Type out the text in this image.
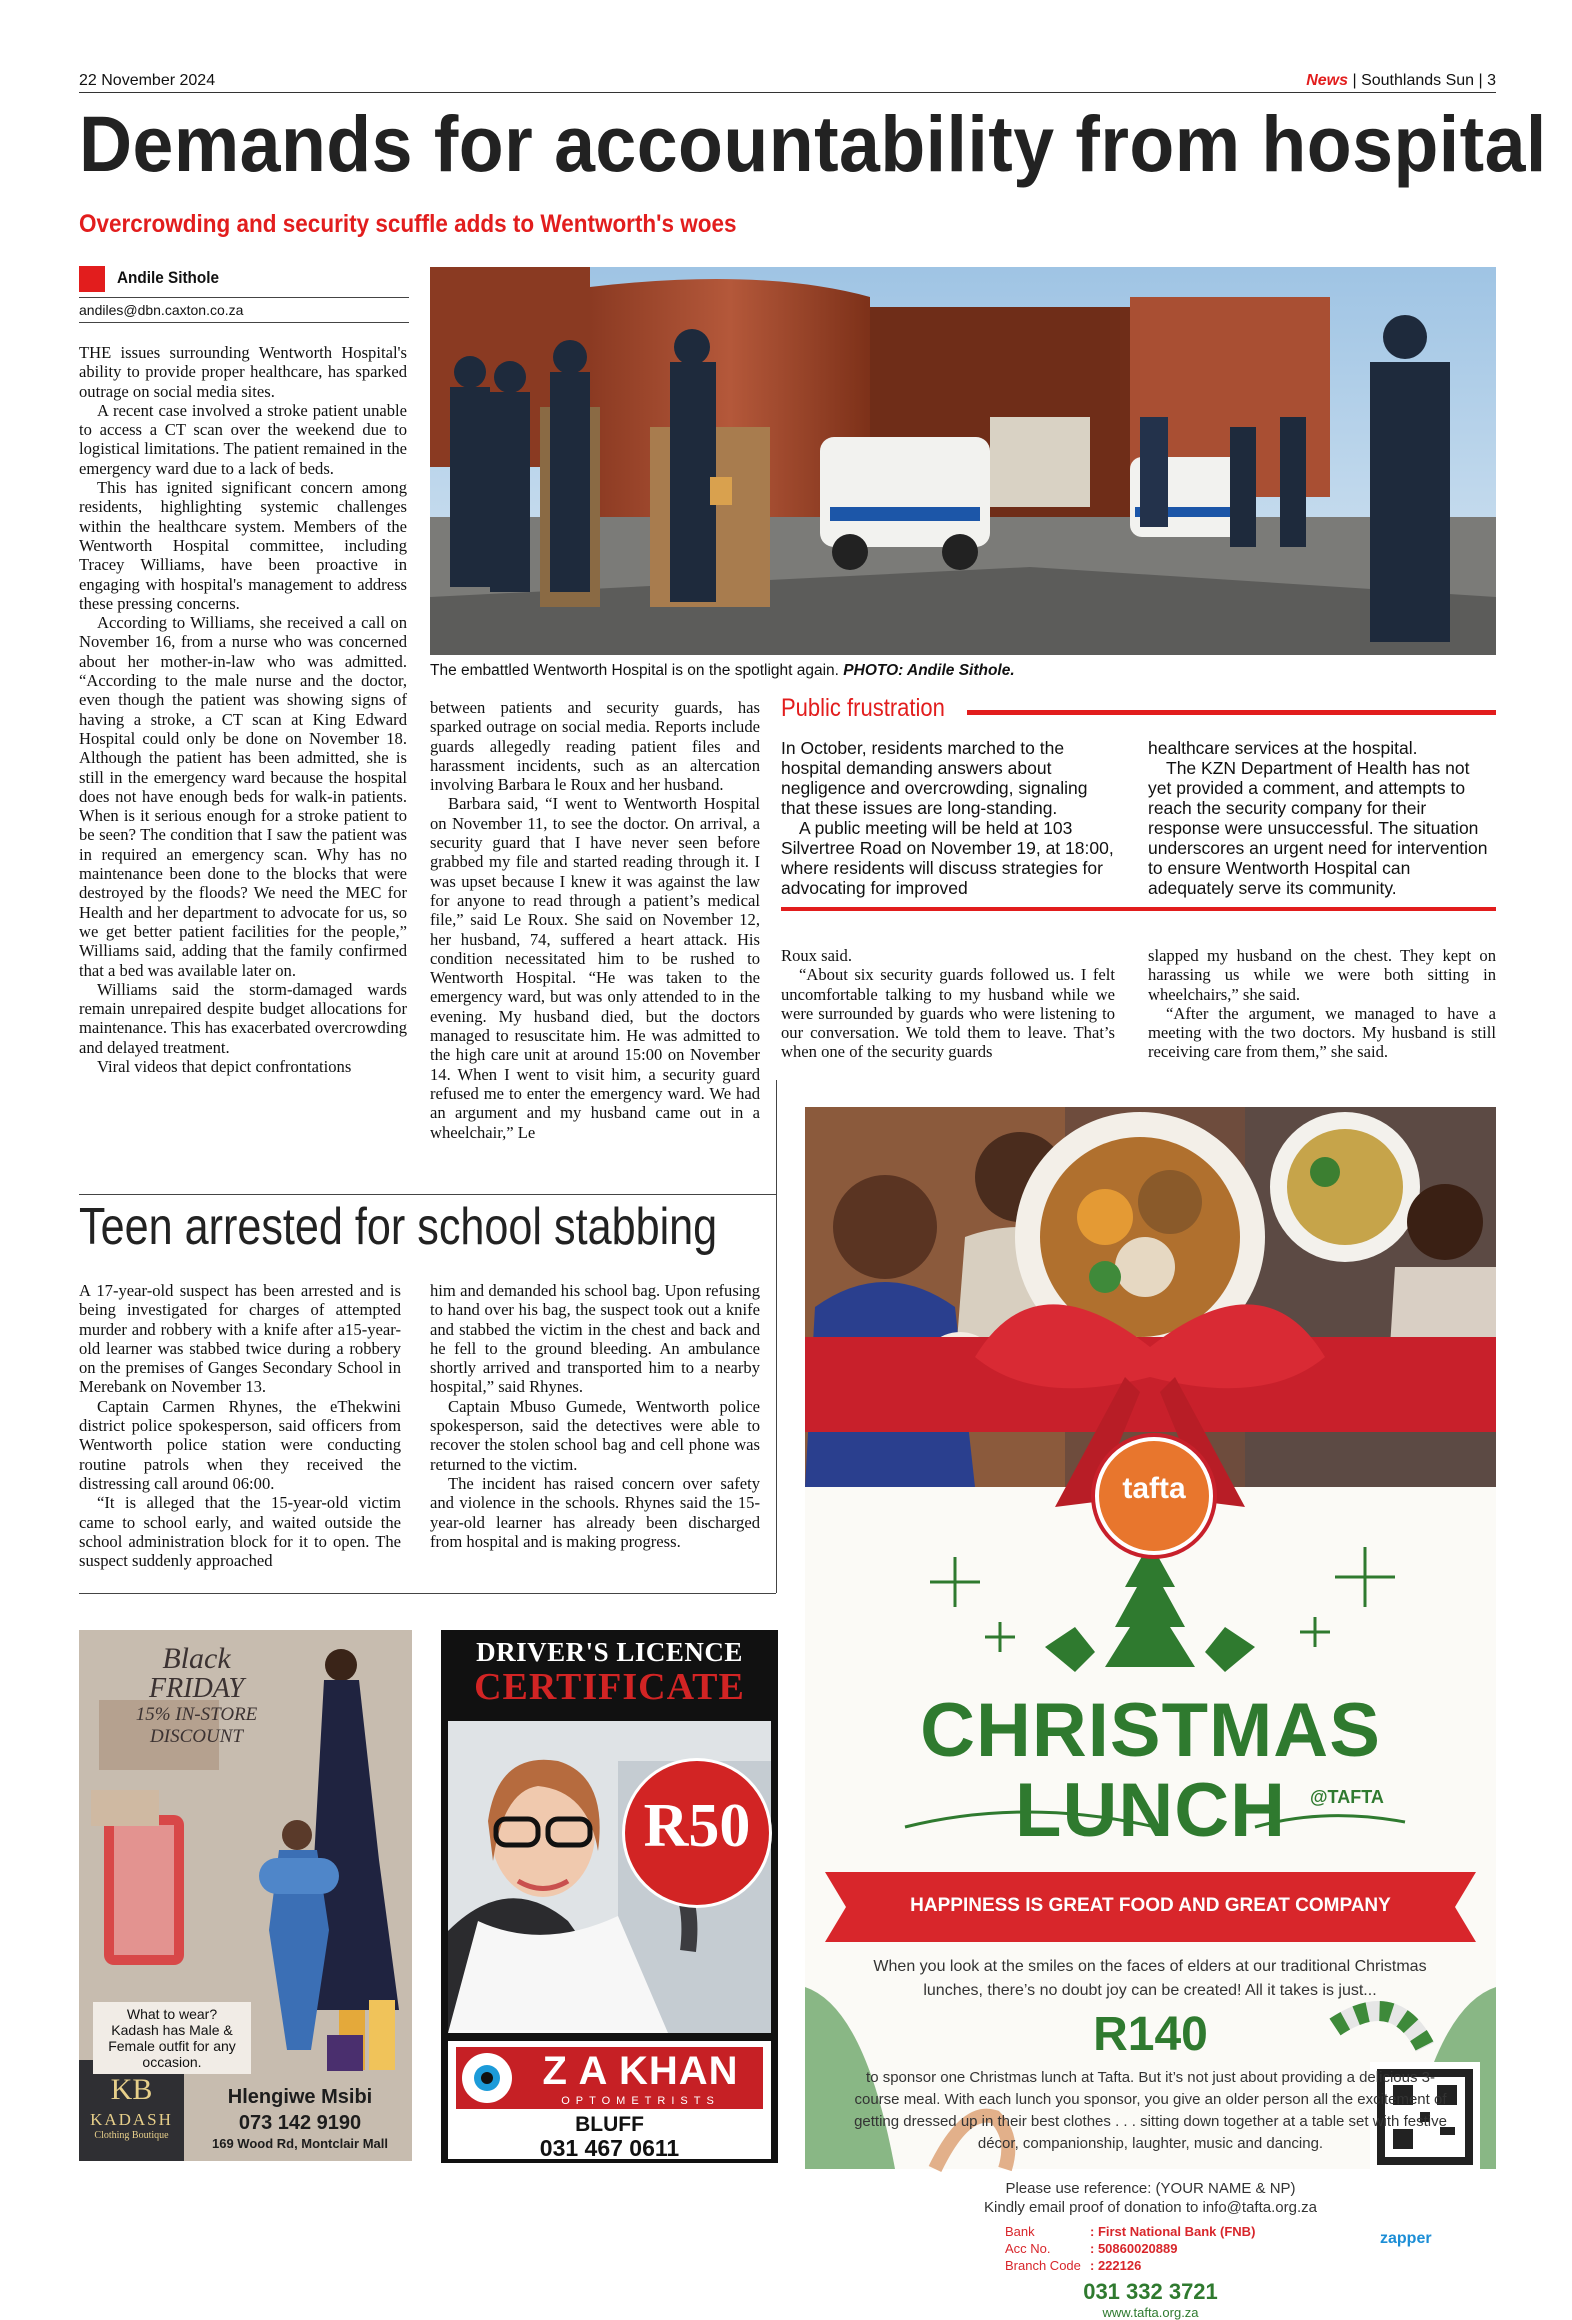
22 November 2024	News | Southlands Sun | 3
Demands for accountability from hospital
Overcrowding and security scuffle adds to Wentworth's woes
Andile Sithole
andiles@dbn.caxton.co.za
The embattled Wentworth Hospital is on the spotlight again. PHOTO: Andile Sithole.

THE issues surrounding Wentworth Hospital's ability to provide proper healthcare, has sparked outrage on social media sites.

A recent case involved a stroke patient unable to access a CT scan over the weekend due to logistical limitations. The patient remained in the emergency ward due to a lack of beds.

This has ignited significant concern among residents, highlighting systemic challenges within the healthcare system. Members of the Wentworth Hospital committee, including Tracey Williams, have been proactive in engaging with hospital's management to address these pressing concerns.

According to Williams, she received a call on November 16, from a nurse who was concerned about her mother-in-law who was admitted. “According to the male nurse and the doctor, even though the patient was showing signs of having a stroke, a CT scan at King Edward Hospital could only be done on November 18. Although the patient has been admitted, she is still in the emergency ward because the hospital does not have enough beds for walk-in patients. When is it serious enough for a stroke patient to be seen? The condition that I saw the patient was in required an emergency scan. Why has no maintenance been done to the blocks that were destroyed by the floods? We need the MEC for Health and her department to advocate for us, so we get better patient facilities for the people,” Williams said, adding that the family confirmed that a bed was available later on.

Williams said the storm-damaged wards remain unrepaired despite budget allocations for maintenance. This has exacerbated overcrowding and delayed treatment.

Viral videos that depict confrontations

between patients and security guards, has sparked outrage on social media. Reports include guards allegedly reading patient files and harassment incidents, such as an altercation involving Barbara le Roux and her husband.

Barbara said, “I went to Wentworth Hospital on November 11, to see the doctor. On arrival, a security guard that I have never seen before grabbed my file and started reading through it. I was upset because I knew it was against the law for anyone to read through a patient’s medical file,” said Le Roux. She said on November 12, her husband, 74, suffered a heart attack. His condition necessitated him to be rushed to Wentworth Hospital. “He was taken to the emergency ward, but was only attended to in the evening. My husband died, but the doctors managed to resuscitate him. He was admitted to the high care unit at around 15:00 on November 14. When I went to visit him, a security guard refused me to enter the emergency ward. We had an argument and my husband came out in a wheelchair,” Le

Public frustration

In October, residents marched to the hospital demanding answers about negligence and overcrowding, signaling that these issues are long-standing.

A public meeting will be held at 103 Silvertree Road on November 19, at 18:00, where residents will discuss strategies for advocating for improved

healthcare services at the hospital.

The KZN Department of Health has not yet provided a comment, and attempts to reach the security company for their response were unsuccessful. The situation underscores an urgent need for intervention to ensure Wentworth Hospital can adequately serve its community.

Roux said.

“About six security guards followed us. I felt uncomfortable talking to my husband while we were surrounded by guards who were listening to our conversation. We told them to leave. That’s when one of the security guards

slapped my husband on the chest. They kept on harassing us while we were both sitting in wheelchairs,” she said.

“After the argument, we managed to have a meeting with the two doctors. My husband is still receiving care from them,” she said.

Teen arrested for school stabbing

A 17-year-old suspect has been arrested and is being investigated for charges of attempted murder and robbery with a knife after a15-year-old learner was stabbed twice during a robbery on the premises of Ganges Secondary School in Merebank on November 13.

Captain Carmen Rhynes, the eThekwini district police spokesperson, said officers from Wentworth police station were conducting routine patrols when they received the distressing call around 06:00.

“It is alleged that the 15-year-old victim came to school early, and waited outside the school administration block for it to open. The suspect suddenly approached

him and demanded his school bag. Upon refusing to hand over his bag, the suspect took out a knife and stabbed the victim in the chest and back and he fell to the ground bleeding. An ambulance shortly arrived and transported him to a nearby hospital,” said Rhynes.

Captain Mbuso Gumede, Wentworth police spokesperson, said the detectives were able to recover the stolen school bag and cell phone was returned to the victim.

The incident has raised concern over safety and violence in the schools. Rhynes said the 15-year-old learner has already been discharged from hospital and is making progress.

Black
FRIDAY
15% IN-STORE
DISCOUNT
What to wear?
Kadash has Male & Female outfit for any occasion.
KB
KADASH
Clothing Boutique
Hlengiwe Msibi
073 142 9190
169 Wood Rd, Montclair Mall
DRIVER'S LICENCE
CERTIFICATE
R50
Z A KHAN
OPTOMETRISTS
BLUFF
031 467 0611
tafta
CHRISTMAS
LUNCH	@TAFTA
HAPPINESS IS GREAT FOOD AND GREAT COMPANY
When you look at the smiles on the faces of elders at our traditional Christmas lunches, there’s no doubt joy can be created! All it takes is just...
R140
to sponsor one Christmas lunch at Tafta. But it’s not just about providing a delicious 3-course meal. With each lunch you sponsor, you give an older person all the excitement of getting dressed up in their best clothes . . . sitting down together at a table set with festive décor, companionship, laughter, music and dancing.
Please use reference: (YOUR NAME & NP)
Kindly email proof of donation to info@tafta.org.za
Bank	: First National Bank (FNB)
Acc No.	: 50860020889
Branch Code : 222126
031 332 3721
www.tafta.org.za
zapper
